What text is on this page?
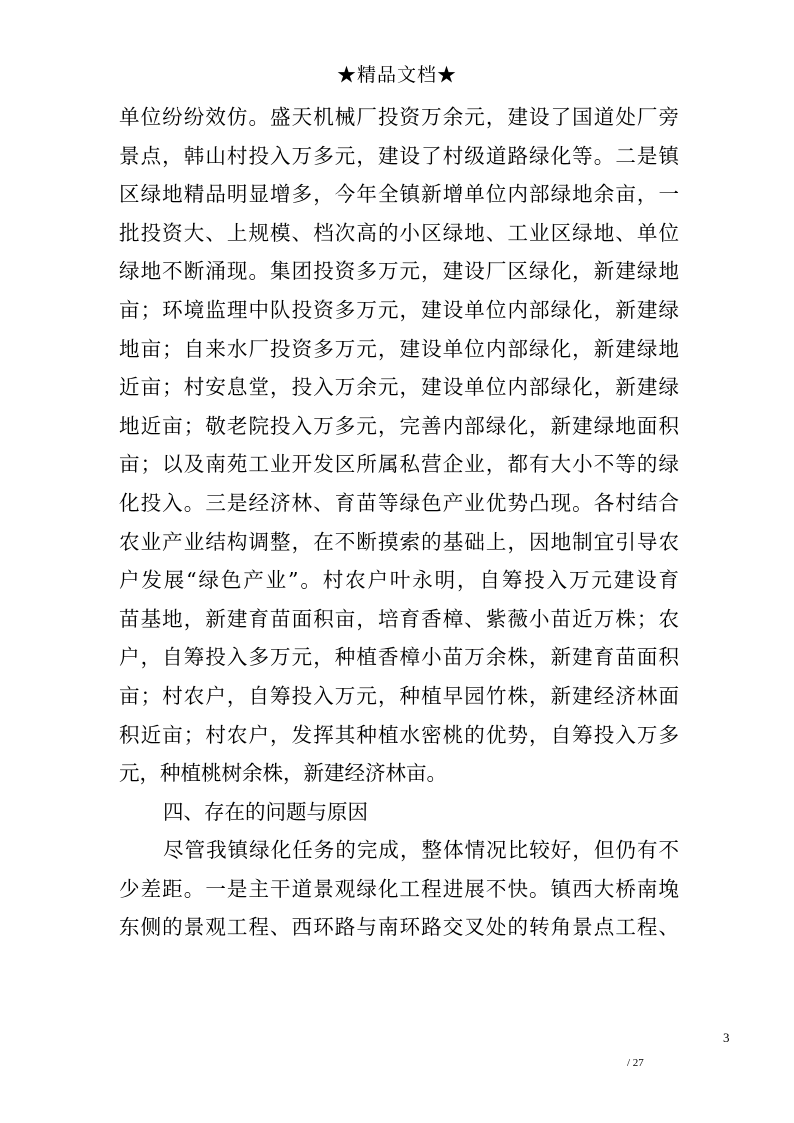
★精品文档★
单位纷纷效仿。盛天机械厂投资万余元，建设了国道处厂旁
景点，韩山村投入万多元，建设了村级道路绿化等。二是镇
区绿地精品明显增多，今年全镇新增单位内部绿地余亩，一
批投资大、上规模、档次高的小区绿地、工业区绿地、单位
绿地不断涌现。集团投资多万元，建设厂区绿化，新建绿地
亩；环境监理中队投资多万元，建设单位内部绿化，新建绿
地亩；自来水厂投资多万元，建设单位内部绿化，新建绿地
近亩；村安息堂，投入万余元，建设单位内部绿化，新建绿
地近亩；敬老院投入万多元，完善内部绿化，新建绿地面积
亩；以及南苑工业开发区所属私营企业，都有大小不等的绿
化投入。三是经济林、育苗等绿色产业优势凸现。各村结合
农业产业结构调整，在不断摸索的基础上，因地制宜引导农
户发展“绿色产业”。村农户叶永明，自筹投入万元建设育
苗基地，新建育苗面积亩，培育香樟、紫薇小苗近万株；农
户，自筹投入多万元，种植香樟小苗万余株，新建育苗面积
亩；村农户，自筹投入万元，种植早园竹株，新建经济林面
积近亩；村农户，发挥其种植水密桃的优势，自筹投入万多
元，种植桃树余株，新建经济林亩。
四、存在的问题与原因
尽管我镇绿化任务的完成，整体情况比较好，但仍有不
少差距。一是主干道景观绿化工程进展不快。镇西大桥南堍
东侧的景观工程、西环路与南环路交叉处的转角景点工程、
3
/ 27
